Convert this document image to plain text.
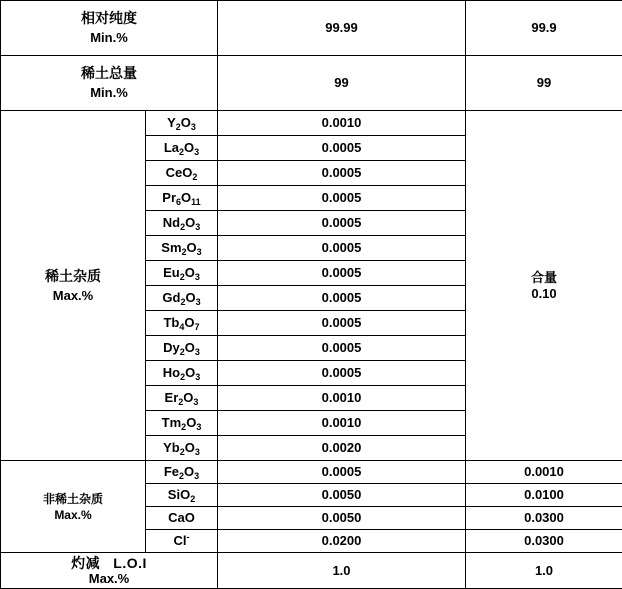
相对纯度
Min.%		99.99	99.9

稀土总量
Min.%		99	99

稀土杂质
Max.%	$Y_2O_3$	0.0010	合量
0.10

	$La_2O_3$	0.0005	
	CeO$_2$	0.0005	
	$Pr_6O_{11}$	0.0005	
	$Nd_2O_3$	0.0005	
	$Sm_2O_3$	0.0005	
	$Eu_2O_3$	0.0005	
	$Gd_2O_3$	0.0005	
	$Tb_4O_7$	0.0005	
	$Dy_2O_3$	0.0005	
	$Ho_2O_3$	0.0005	
	$Er_2O_3$	0.0010	
	$Tm_2O_3$	0.0010	
	$Yb_2O_3$	0.0020	

非稀土杂质
Max.%	$Fe_2O_3$	0.0005	0.0010
	SiO$_2$	0.0050	0.0100
	CaO	0.0050	0.0300
	Cl-	0.0200	0.0300

灼减   L.O.I
Max.%		1.0	1.0
